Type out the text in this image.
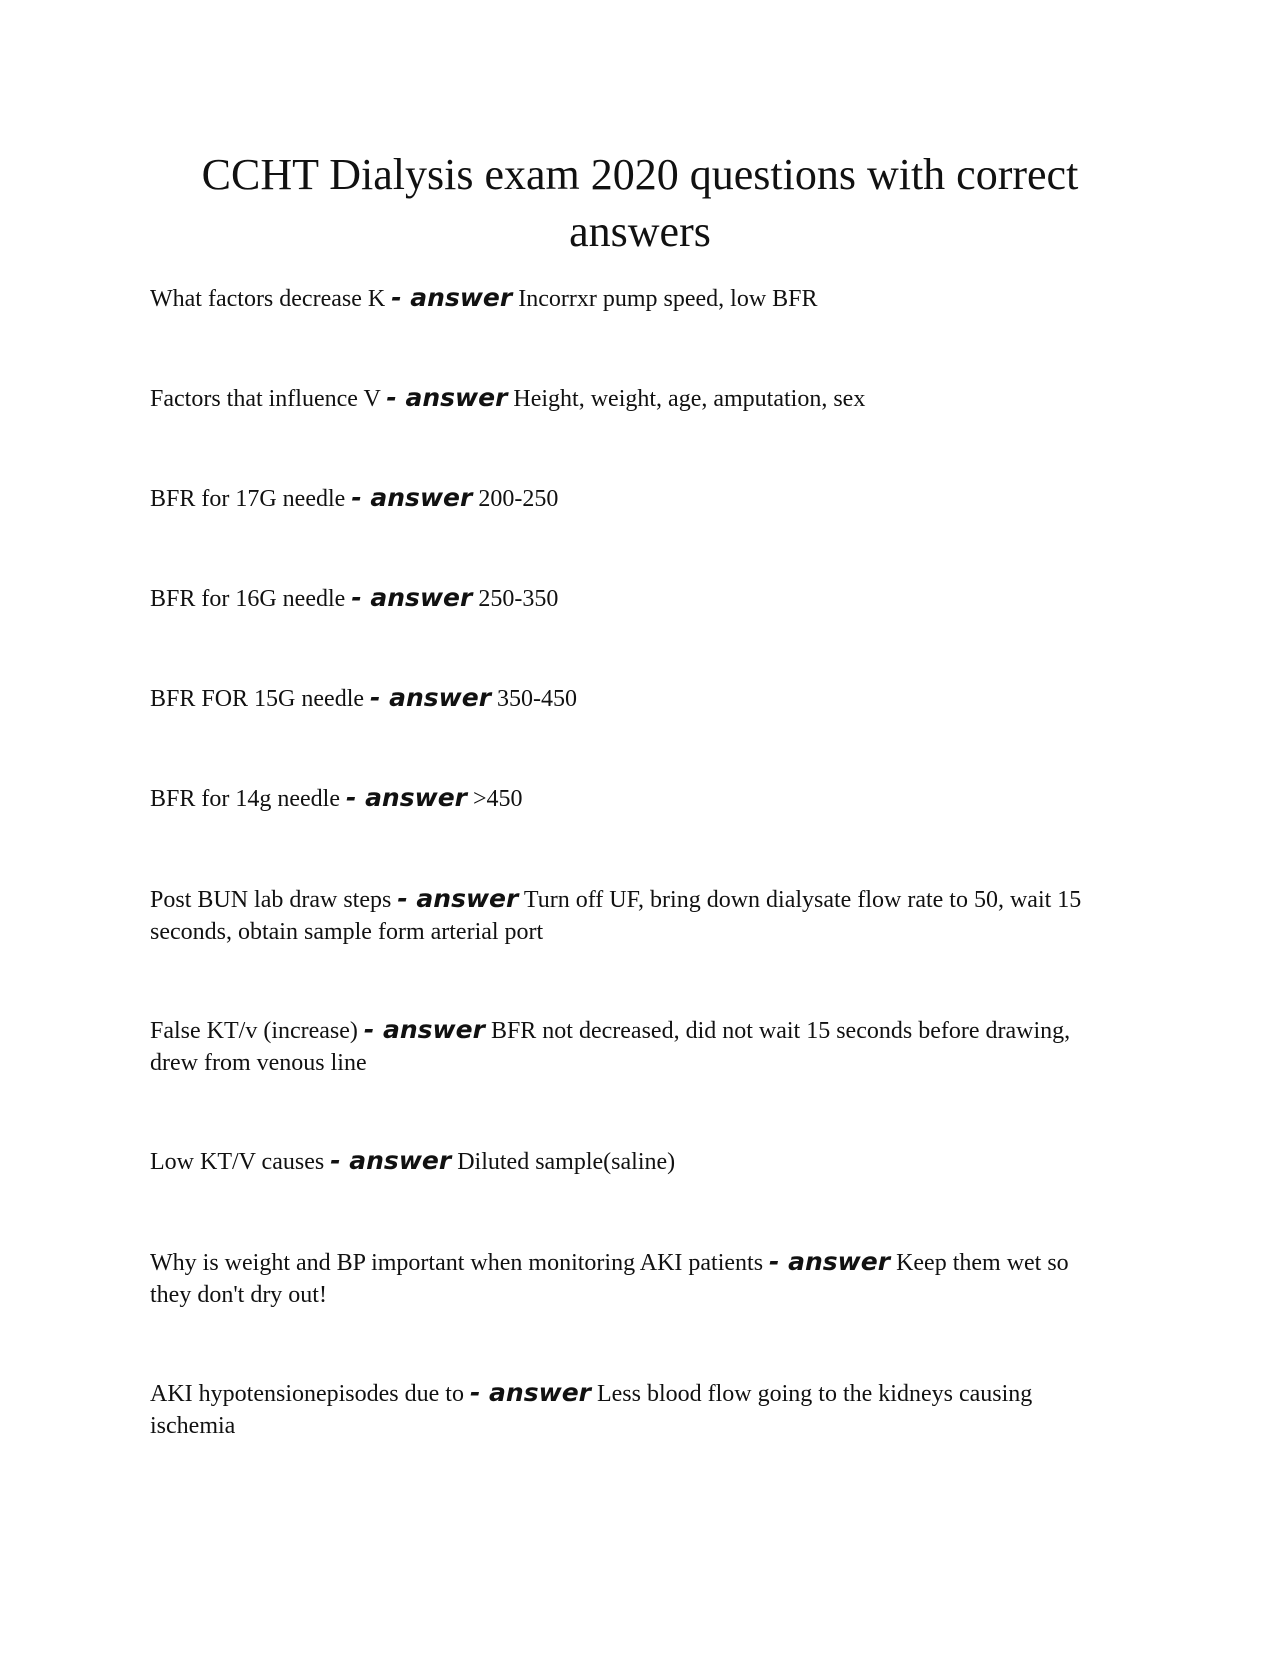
CCHT Dialysis exam 2020 questions with correct answers

What factors decrease K - answer Incorrxr pump speed, low BFR

Factors that influence V - answer Height, weight, age, amputation, sex

BFR for 17G needle - answer 200-250

BFR for 16G needle - answer 250-350

BFR FOR 15G needle - answer 350-450

BFR for 14g needle - answer >450

Post BUN lab draw steps - answer Turn off UF, bring down dialysate flow rate to 50, wait 15 seconds, obtain sample form arterial port

False KT/v (increase) - answer BFR not decreased, did not wait 15 seconds before drawing, drew from venous line

Low KT/V causes - answer Diluted sample(saline)

Why is weight and BP important when monitoring AKI patients - answer Keep them wet so they don't dry out!

AKI hypotensionepisodes due to - answer Less blood flow going to the kidneys causing ischemia
